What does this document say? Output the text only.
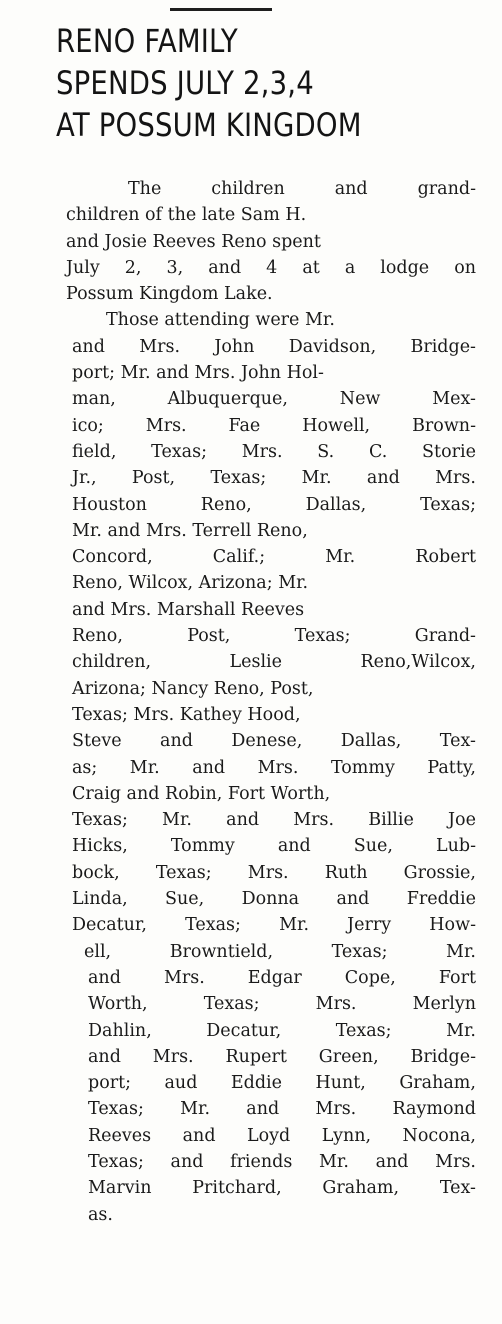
RENO FAMILY
SPENDS JULY 2,3,4
AT POSSUM KINGDOM
The	children	and	grand-
children of the late Sam H.
and Josie Reeves Reno spent
July 2, 3, and 4 at a lodge on
Possum Kingdom Lake.
Those attending were Mr.
and Mrs. John Davidson, Bridge-
port; Mr. and Mrs. John Hol-
man,	Albuquerque,	New	Mex-
ico; Mrs. Fae Howell, Brown-
field, Texas; Mrs. S. C. Storie
Jr., Post, Texas; Mr. and Mrs.
Houston	Reno,	Dallas,	Texas;
Mr. and Mrs. Terrell Reno,
Concord,	Calif.;	Mr.	Robert
Reno, Wilcox, Arizona; Mr.
and Mrs. Marshall Reeves
Reno,	Post,	Texas;	Grand-
children,	Leslie	Reno,Wilcox,
Arizona; Nancy Reno, Post,
Texas; Mrs. Kathey Hood,
Steve and Denese, Dallas, Tex-
as; Mr. and Mrs. Tommy Patty,
Craig and Robin, Fort Worth,
Texas; Mr. and Mrs. Billie Joe
Hicks, Tommy and Sue, Lub-
bock, Texas; Mrs. Ruth Grossie,
Linda, Sue, Donna and Freddie
Decatur, Texas; Mr. Jerry How-
ell,	Browntield,	Texas;	Mr.
and Mrs. Edgar Cope, Fort
Worth,	Texas;	Mrs.	Merlyn
Dahlin,	Decatur,	Texas;	Mr.
and Mrs. Rupert Green, Bridge-
port; aud Eddie Hunt, Graham,
Texas; Mr. and Mrs. Raymond
Reeves and Loyd Lynn, Nocona,
Texas; and friends Mr. and Mrs.
Marvin Pritchard, Graham, Tex-
as.
